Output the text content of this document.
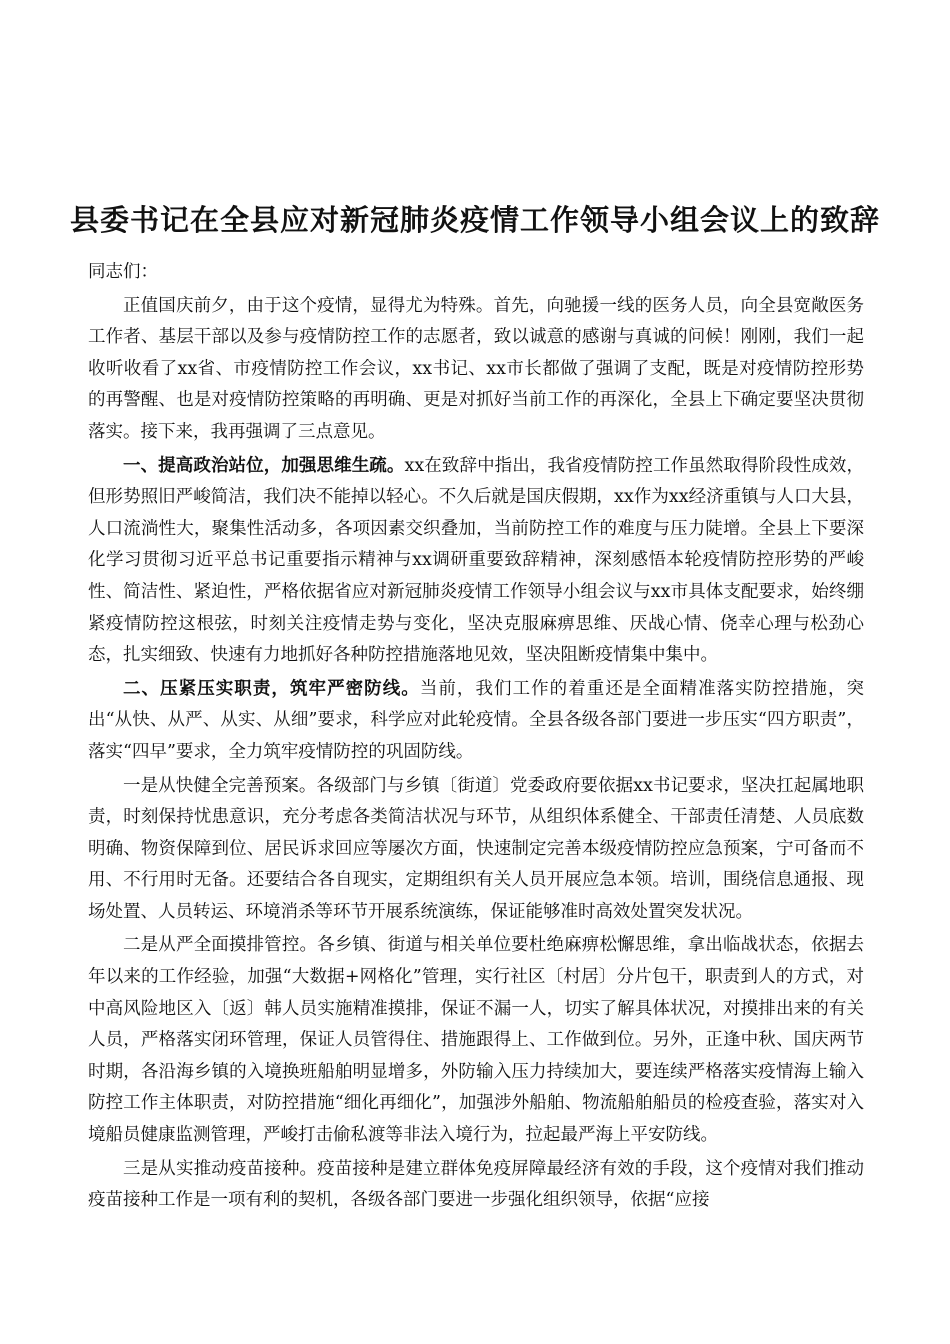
县委书记在全县应对新冠肺炎疫情工作领导小组会议上的致辞

同志们：

正值国庆前夕，由于这个疫情，显得尤为特殊。首先，向驰援一线的医务人员，向全县宽敞医务工作者、基层干部以及参与疫情防控工作的志愿者，致以诚意的感谢与真诚的问候！刚刚，我们一起收听收看了xx省、市疫情防控工作会议，xx书记、xx市长都做了强调了支配，既是对疫情防控形势的再警醒、也是对疫情防控策略的再明确、更是对抓好当前工作的再深化，全县上下确定要坚决贯彻落实。接下来，我再强调了三点意见。

一、提高政治站位，加强思维生疏。xx在致辞中指出，我省疫情防控工作虽然取得阶段性成效，但形势照旧严峻简洁，我们决不能掉以轻心。不久后就是国庆假期，xx作为xx经济重镇与人口大县，人口流淌性大，聚集性活动多，各项因素交织叠加，当前防控工作的难度与压力陡增。全县上下要深化学习贯彻习近平总书记重要指示精神与xx调研重要致辞精神，深刻感悟本轮疫情防控形势的严峻性、简洁性、紧迫性，严格依据省应对新冠肺炎疫情工作领导小组会议与xx市具体支配要求，始终绷紧疫情防控这根弦，时刻关注疫情走势与变化，坚决克服麻痹思维、厌战心情、侥幸心理与松劲心态，扎实细致、快速有力地抓好各种防控措施落地见效，坚决阻断疫情集中集中。

二、压紧压实职责，筑牢严密防线。当前，我们工作的着重还是全面精准落实防控措施，突出“从快、从严、从实、从细”要求，科学应对此轮疫情。全县各级各部门要进一步压实“四方职责”，落实“四早”要求，全力筑牢疫情防控的巩固防线。

一是从快健全完善预案。各级部门与乡镇〔街道〕党委政府要依据xx书记要求，坚决扛起属地职责，时刻保持忧患意识，充分考虑各类简洁状况与环节，从组织体系健全、干部责任清楚、人员底数明确、物资保障到位、居民诉求回应等屡次方面，快速制定完善本级疫情防控应急预案，宁可备而不用、不行用时无备。还要结合各自现实，定期组织有关人员开展应急本领。培训，围绕信息通报、现场处置、人员转运、环境消杀等环节开展系统演练，保证能够准时高效处置突发状况。

二是从严全面摸排管控。各乡镇、街道与相关单位要杜绝麻痹松懈思维，拿出临战状态，依据去年以来的工作经验，加强“大数据+网格化”管理，实行社区〔村居〕分片包干，职责到人的方式，对中高风险地区入〔返〕韩人员实施精准摸排，保证不漏一人，切实了解具体状况，对摸排出来的有关人员，严格落实闭环管理，保证人员管得住、措施跟得上、工作做到位。另外，正逢中秋、国庆两节时期，各沿海乡镇的入境换班船舶明显增多，外防输入压力持续加大，要连续严格落实疫情海上输入防控工作主体职责，对防控措施“细化再细化”，加强涉外船舶、物流船舶船员的检疫查验，落实对入境船员健康监测管理，严峻打击偷私渡等非法入境行为，拉起最严海上平安防线。

三是从实推动疫苗接种。疫苗接种是建立群体免疫屏障最经济有效的手段，这个疫情对我们推动疫苗接种工作是一项有利的契机，各级各部门要进一步强化组织领导，依据“应接
